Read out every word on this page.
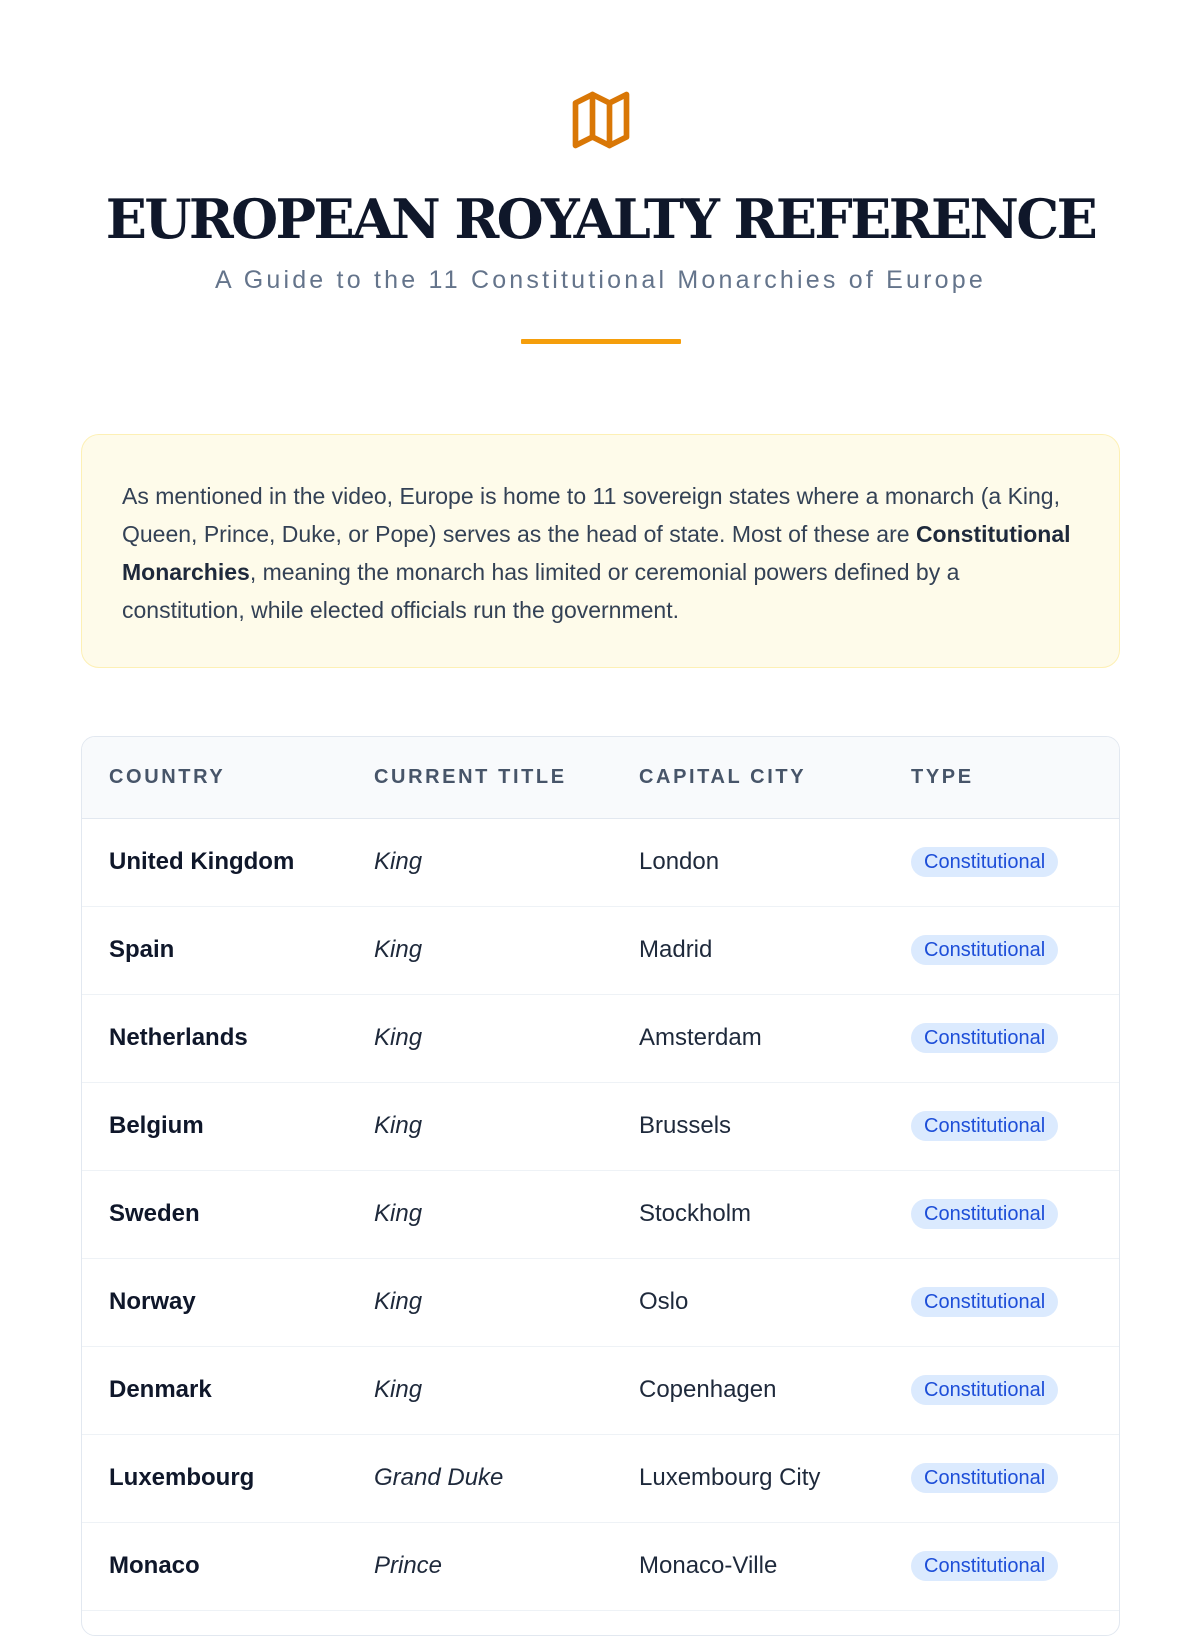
EUROPEAN ROYALTY REFERENCE
A Guide to the 11 Constitutional Monarchies of Europe

As mentioned in the video, Europe is home to 11 sovereign states where a monarch (a King, Queen, Prince, Duke, or Pope) serves as the head of state. Most of these are Constitutional Monarchies, meaning the monarch has limited or ceremonial powers defined by a constitution, while elected officials run the government.

COUNTRY	CURRENT TITLE	CAPITAL CITY	TYPE
United Kingdom	King	London	Constitutional
Spain	King	Madrid	Constitutional
Netherlands	King	Amsterdam	Constitutional
Belgium	King	Brussels	Constitutional
Sweden	King	Stockholm	Constitutional
Norway	King	Oslo	Constitutional
Denmark	King	Copenhagen	Constitutional
Luxembourg	Grand Duke	Luxembourg City	Constitutional
Monaco	Prince	Monaco-Ville	Constitutional
